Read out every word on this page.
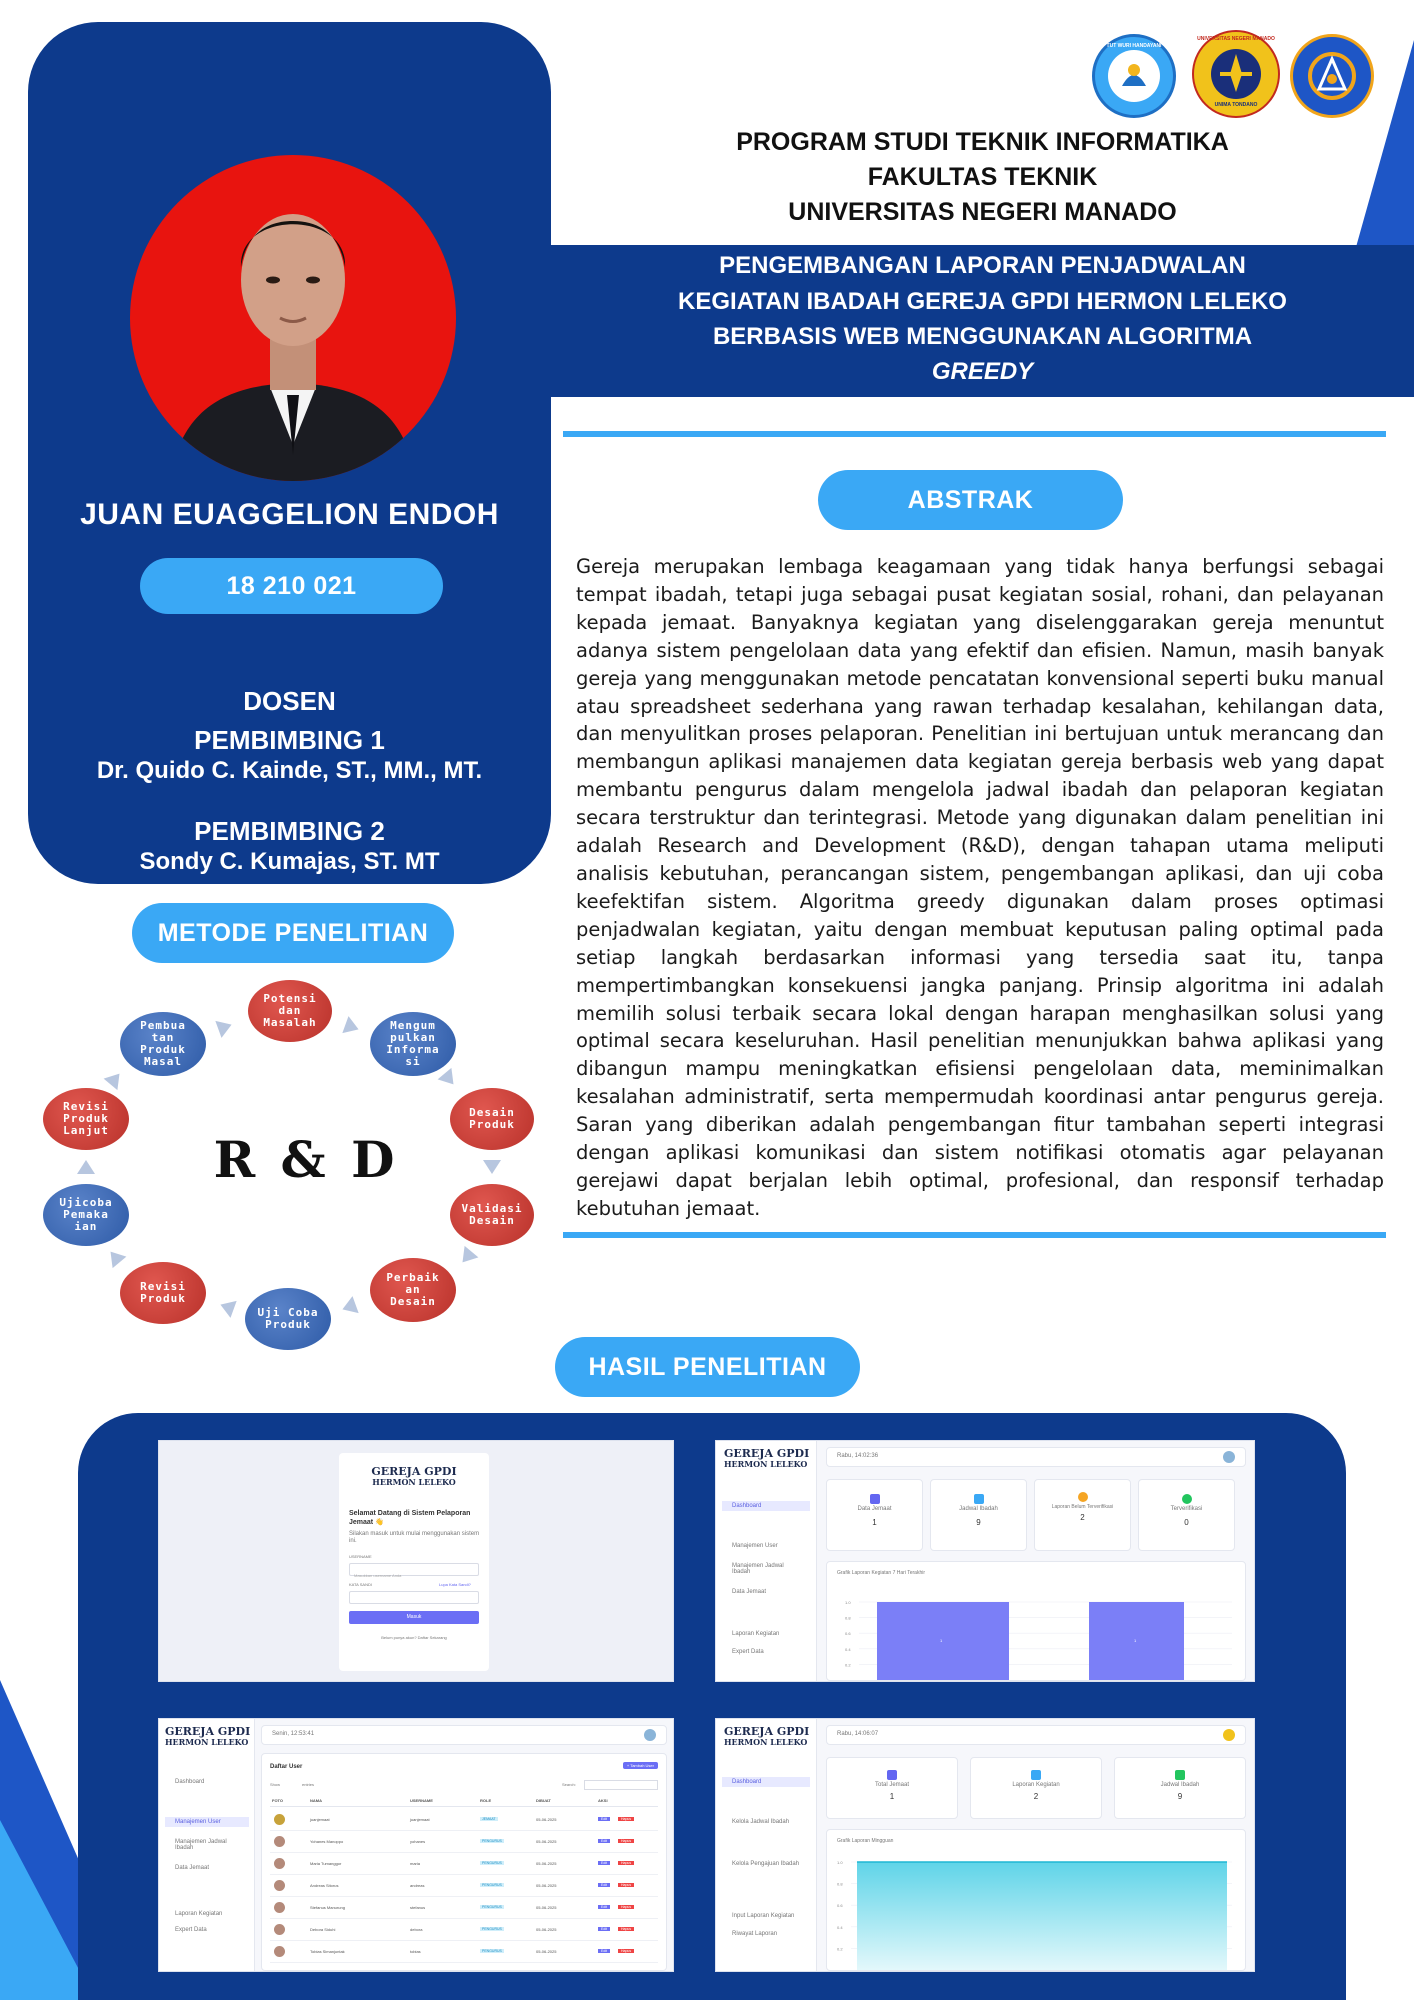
JUAN EUAGGELION ENDOH
18 210 021
DOSEN
PEMBIMBING 1
Dr. Quido C. Kainde, ST., MM., MT.
PEMBIMBING 2
Sondy C. Kumajas, ST. MT
TUT WURI HANDAYANI
UNIVERSITAS NEGERI MANADO
1955
UNIMA TONDANO
PROGRAM STUDI TEKNIK INFORMATIKA
FAKULTAS TEKNIK
UNIVERSITAS NEGERI MANADO
PENGEMBANGAN LAPORAN PENJADWALAN
KEGIATAN IBADAH GEREJA GPDI HERMON LELEKO
BERBASIS WEB MENGGUNAKAN ALGORITMA
GREEDY
ABSTRAK
Gereja merupakan lembaga keagamaan yang tidak hanya berfungsi sebagai tempat ibadah, tetapi juga sebagai pusat kegiatan sosial, rohani, dan pelayanan kepada jemaat. Banyaknya kegiatan yang diselenggarakan gereja menuntut adanya sistem pengelolaan data yang efektif dan efisien. Namun, masih banyak gereja yang menggunakan metode pencatatan konvensional seperti buku manual atau spreadsheet sederhana yang rawan terhadap kesalahan, kehilangan data, dan menyulitkan proses pelaporan. Penelitian ini bertujuan untuk merancang dan membangun aplikasi manajemen data kegiatan gereja berbasis web yang dapat membantu pengurus dalam mengelola jadwal ibadah dan pelaporan kegiatan secara terstruktur dan terintegrasi. Metode yang digunakan dalam penelitian ini adalah Research and Development (R&D), dengan tahapan utama meliputi analisis kebutuhan, perancangan sistem, pengembangan aplikasi, dan uji coba keefektifan sistem. Algoritma greedy digunakan dalam proses optimasi penjadwalan kegiatan, yaitu dengan membuat keputusan paling optimal pada setiap langkah berdasarkan informasi yang tersedia saat itu, tanpa mempertimbangkan konsekuensi jangka panjang. Prinsip algoritma ini adalah memilih solusi terbaik secara lokal dengan harapan menghasilkan solusi yang optimal secara keseluruhan. Hasil penelitian menunjukkan bahwa aplikasi yang dibangun mampu meningkatkan efisiensi pengelolaan data, meminimalkan kesalahan administratif, serta mempermudah koordinasi antar pengurus gereja. Saran yang diberikan adalah pengembangan fitur tambahan seperti integrasi dengan aplikasi komunikasi dan sistem notifikasi otomatis agar pelayanan gerejawi dapat berjalan lebih optimal, profesional, dan responsif terhadap kebutuhan jemaat.
METODE PENELITIAN
R & D
Potensi
dan
Masalah	Mengum
pulkan
Informa
si
Desain
Produk
Validasi
Desain
Perbaik
an
Desain
Uji Coba
Produk
Revisi
Produk
Ujicoba
Pemaka
ian
Revisi
Produk
Lanjut
Pembua
tan
Produk
Masal
HASIL PENELITIAN
GEREJA GPDI
HERMON LELEKO
Selamat Datang di Sistem Pelaporan Jemaat 👋
Silakan masuk untuk mulai menggunakan sistem ini.
USERNAME
Masukkan username Anda
KATA SANDI	Lupa Kata Sandi?
Masuk
Belum punya akun? Daftar Sekarang
GEREJA GPDI
HERMON LELEKO
Dashboard
Manajemen User
Manajemen Jadwal Ibadah
Data Jemaat
Laporan Kegiatan
Expert Data
Rabu, 14:02:36
Data Jemaat
1
Jadwal Ibadah
9
Laporan Belum Terverifikasi
2
Terverifikasi
0
Grafik Laporan Kegiatan 7 Hari Terakhir
1.0
0.8
0.6
0.4
0.2
1	1
GEREJA GPDI
HERMON LELEKO
Dashboard
Manajemen User
Manajemen Jadwal Ibadah
Data Jemaat
Laporan Kegiatan
Expert Data
Senin, 12:53:41
Daftar User	+ Tambah User
Show	entries	Search:
FOTO	NAMA	USERNAME	ROLE	DIBUAT	AKSI
juanjemaat	juanjemaat	JEMAAT	05-06-2025	Edit	Hapus
Yohanes Manoppo	yohanes	PENGURUS	05-06-2025	Edit	Hapus
Maria Tumanggor	maria	PENGURUS	05-06-2025	Edit	Hapus
Andreas Sitorus	andreas	PENGURUS	05-06-2025	Edit	Hapus
Stefanus Manurung	stefanus	PENGURUS	05-06-2025	Edit	Hapus
Debora Siduhi	debora	PENGURUS	05-06-2025	Edit	Hapus
Tobias Simanjuntak	tobias	PENGURUS	05-06-2025	Edit	Hapus
GEREJA GPDI
HERMON LELEKO
Dashboard
Kelola Jadwal Ibadah
Kelola Pengajuan Ibadah
Input Laporan Kegiatan
Riwayat Laporan
Rabu, 14:06:07
Total Jemaat
1
Laporan Kegiatan
2
Jadwal Ibadah
9
Grafik Laporan Mingguan
1.0
0.8
0.6
0.4
0.2
